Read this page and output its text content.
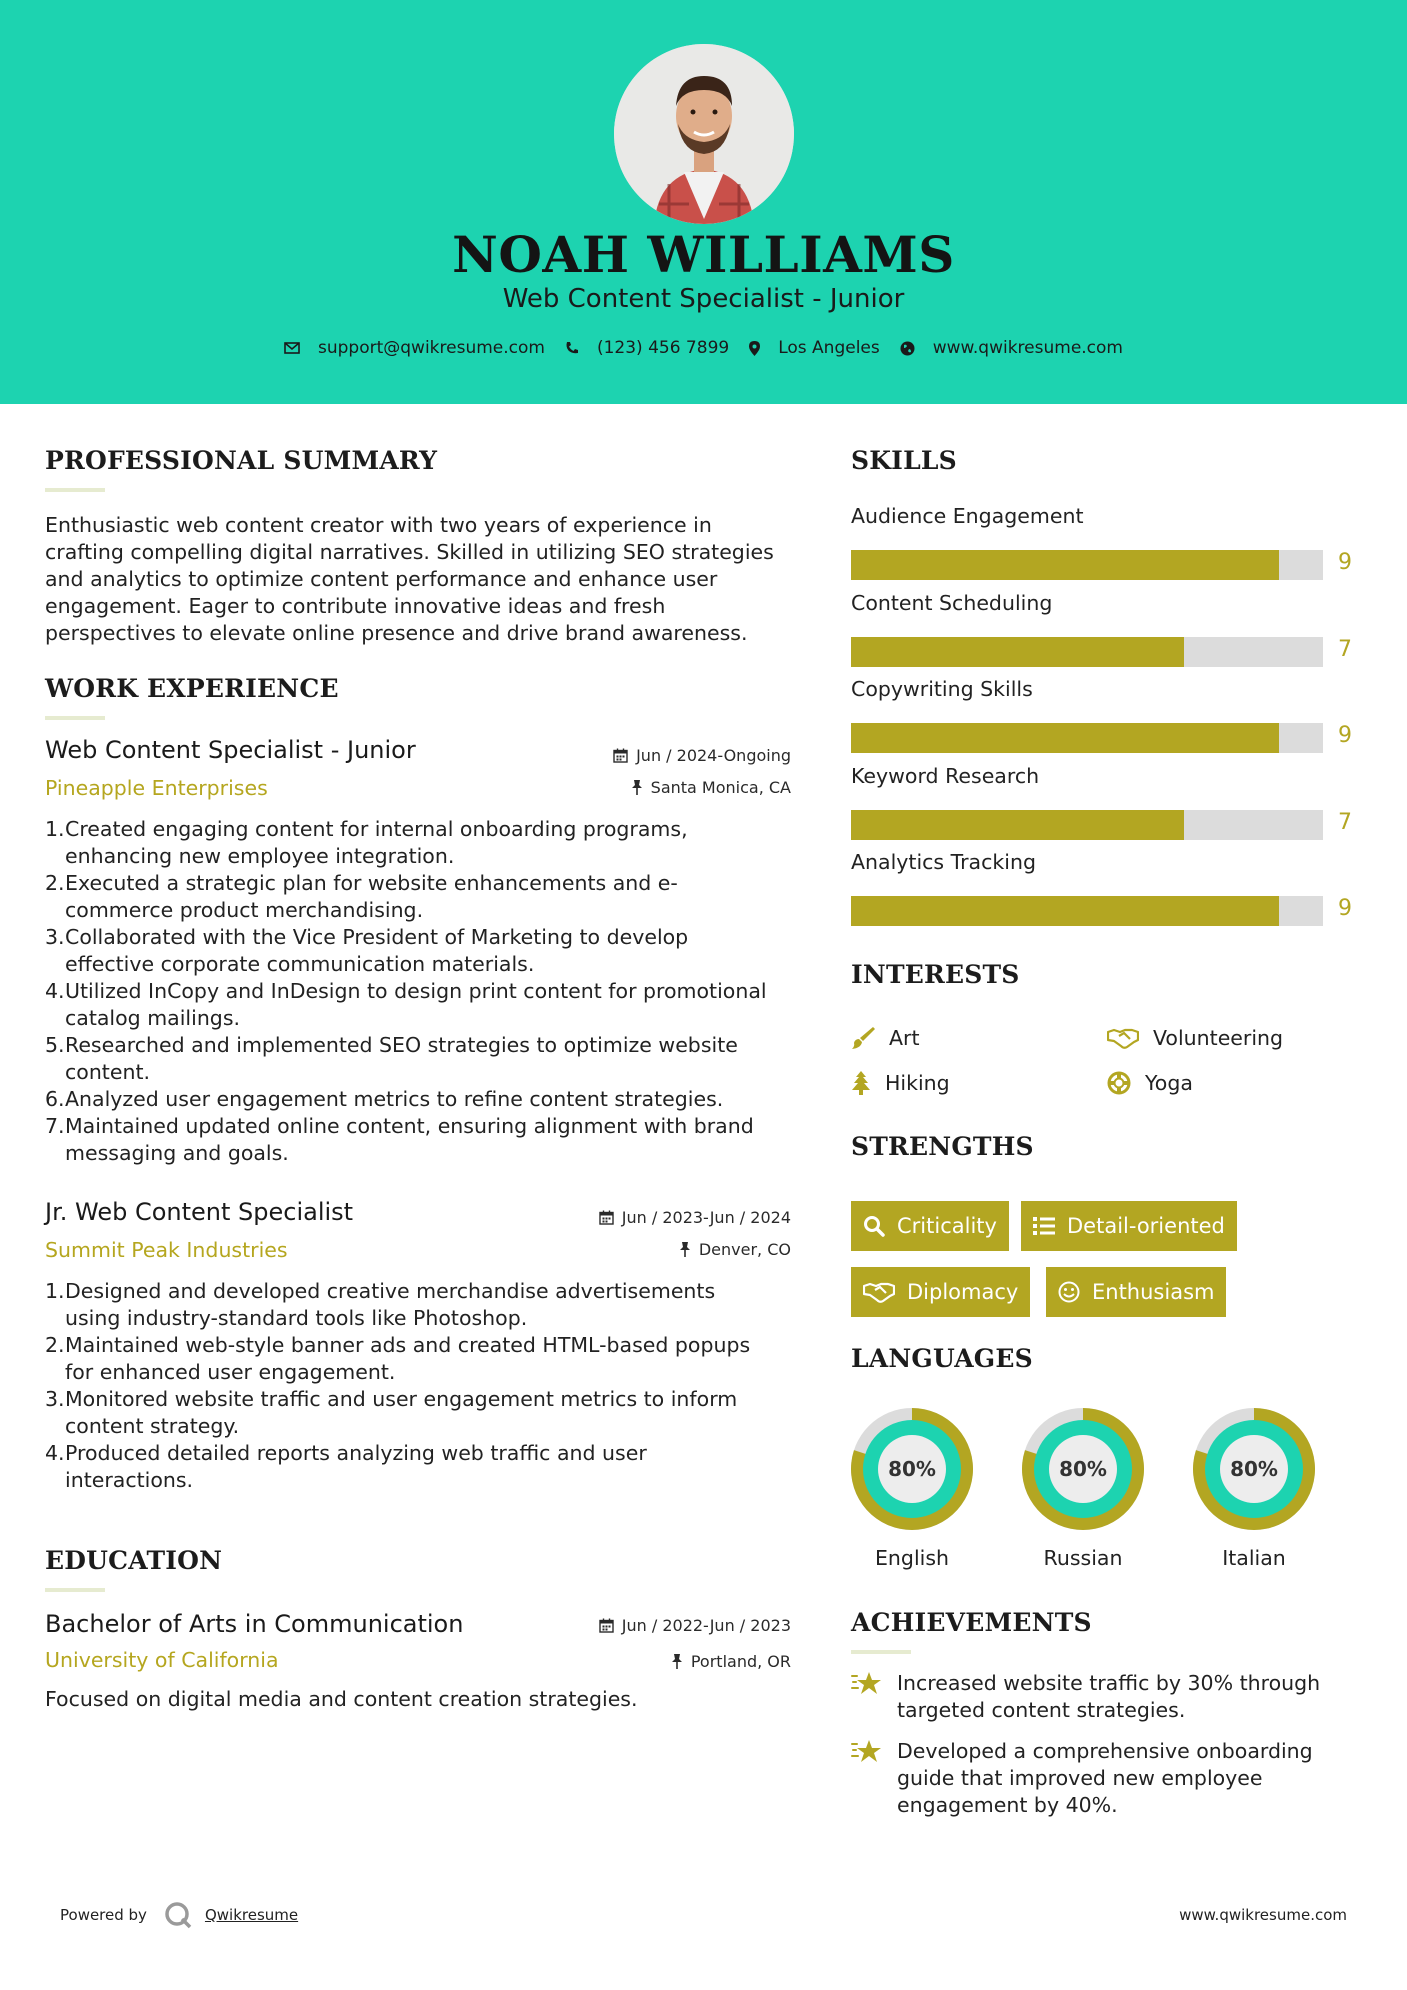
NOAH WILLIAMS
Web Content Specialist - Junior
support@qwikresume.com	(123) 456 7899	Los Angeles	www.qwikresume.com
PROFESSIONAL SUMMARY
Enthusiastic web content creator with two years of experience in
crafting compelling digital narratives. Skilled in utilizing SEO strategies
and analytics to optimize content performance and enhance user
engagement. Eager to contribute innovative ideas and fresh
perspectives to elevate online presence and drive brand awareness.
WORK EXPERIENCE
Web Content Specialist - Junior	Jun / 2024-Ongoing
Pineapple Enterprises	Santa Monica, CA
1. Created engaging content for internal onboarding programs,
enhancing new employee integration.
2. Executed a strategic plan for website enhancements and e-
commerce product merchandising.
3. Collaborated with the Vice President of Marketing to develop
effective corporate communication materials.
4. Utilized InCopy and InDesign to design print content for promotional
catalog mailings.
5. Researched and implemented SEO strategies to optimize website
content.
6. Analyzed user engagement metrics to refine content strategies.
7. Maintained updated online content, ensuring alignment with brand
messaging and goals.
Jr. Web Content Specialist	Jun / 2023-Jun / 2024
Summit Peak Industries	Denver, CO
1. Designed and developed creative merchandise advertisements
using industry-standard tools like Photoshop.
2. Maintained web-style banner ads and created HTML-based popups
for enhanced user engagement.
3. Monitored website traffic and user engagement metrics to inform
content strategy.
4. Produced detailed reports analyzing web traffic and user
interactions.
EDUCATION
Bachelor of Arts in Communication	Jun / 2022-Jun / 2023
University of California	Portland, OR
Focused on digital media and content creation strategies.
SKILLS
Audience Engagement
9
Content Scheduling
7
Copywriting Skills
9
Keyword Research
7
Analytics Tracking
9
INTERESTS
Art	Volunteering
Hiking	Yoga
STRENGTHS
Criticality	Detail-oriented
Diplomacy	Enthusiasm
LANGUAGES
80%
English
80%
Russian
80%
Italian
ACHIEVEMENTS
Increased website traffic by 30% through
targeted content strategies.
Developed a comprehensive onboarding
guide that improved new employee
engagement by 40%.
Powered by	Qwikresume	www.qwikresume.com
